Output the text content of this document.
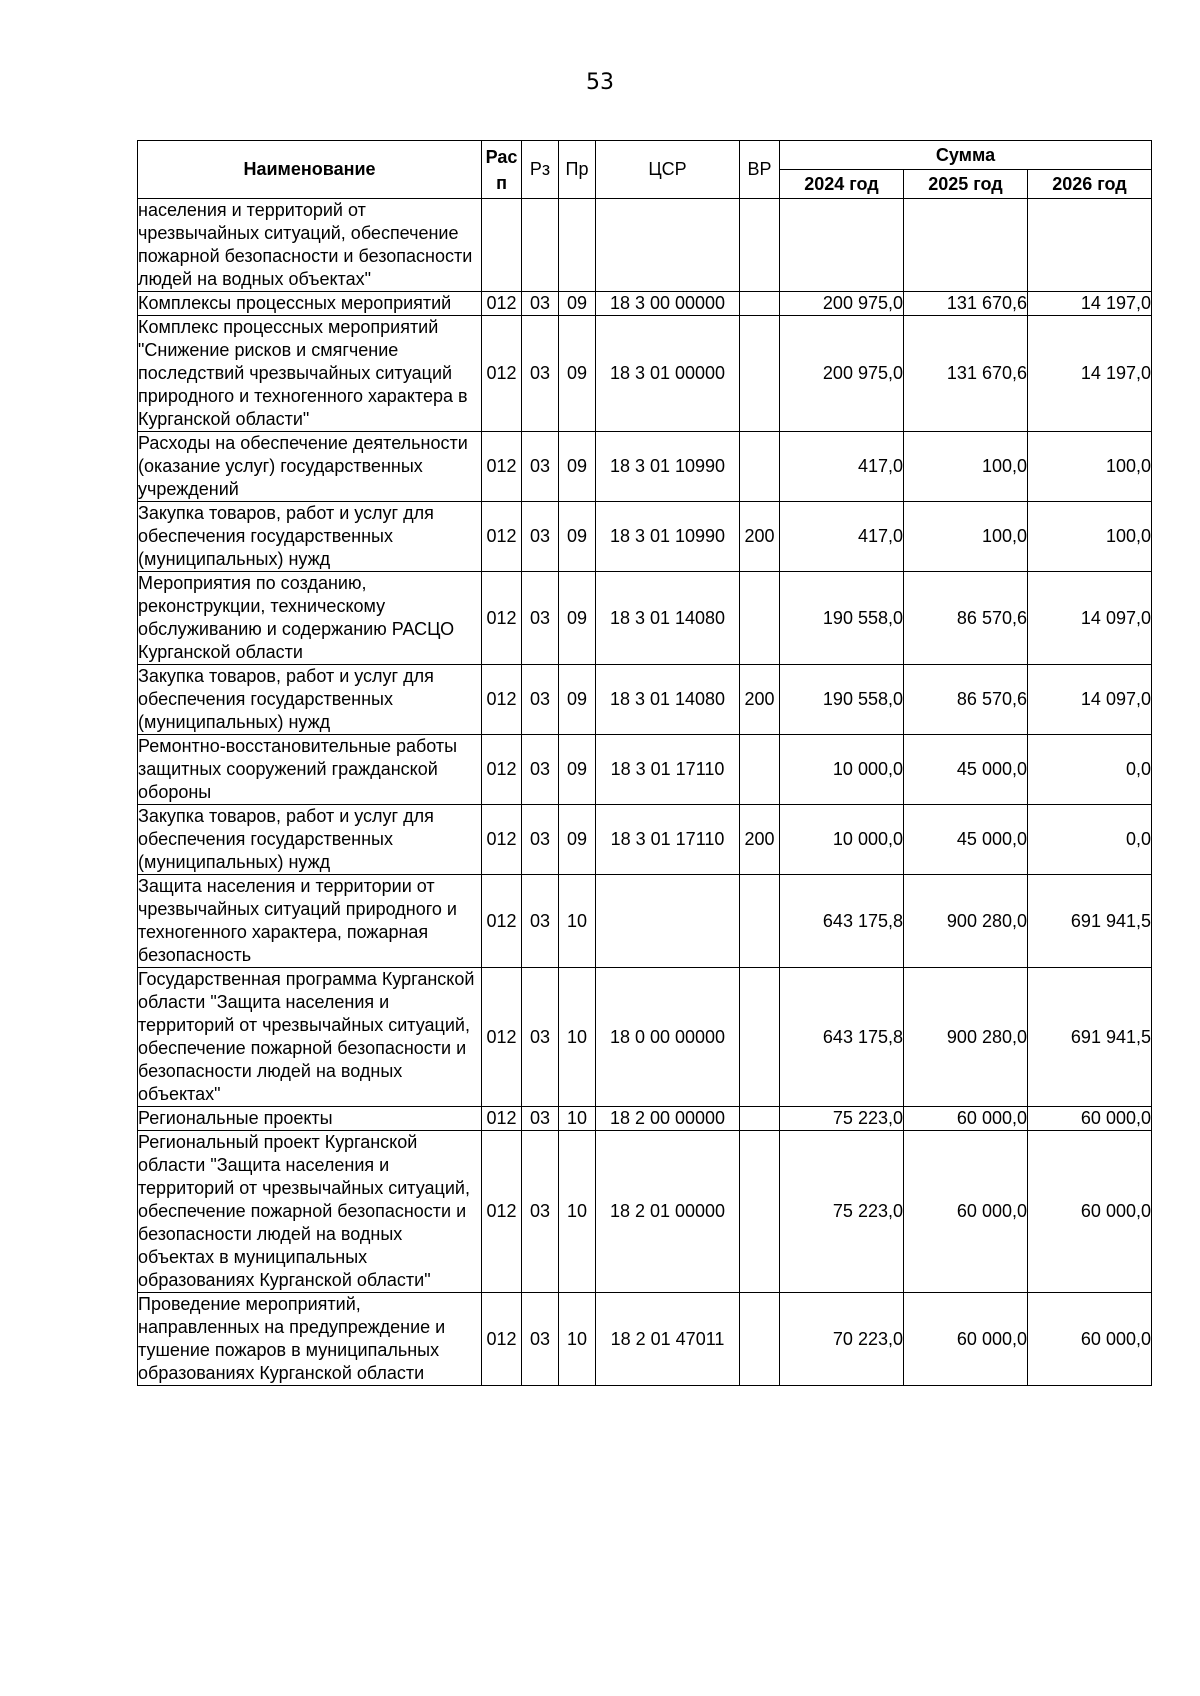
53
Наименование	Рас п	Рз	Пр	ЦСР	ВР	Сумма		
						2024 год	2025 год	2026 год
населения и территорий от чрезвычайных ситуаций, обеспечение пожарной безопасности и безопасности людей на водных объектах"								
Комплексы процессных мероприятий	012	03	09	18 3 00 00000		200 975,0	131 670,6	14 197,0
Комплекс процессных мероприятий "Снижение рисков и смягчение последствий чрезвычайных ситуаций природного и техногенного характера в Курганской области"	012	03	09	18 3 01 00000		200 975,0	131 670,6	14 197,0
Расходы на обеспечение деятельности (оказание услуг) государственных учреждений	012	03	09	18 3 01 10990		417,0	100,0	100,0
Закупка товаров, работ и услуг для обеспечения государственных (муниципальных) нужд	012	03	09	18 3 01 10990	200	417,0	100,0	100,0
Мероприятия по созданию, реконструкции, техническому обслуживанию и содержанию РАСЦО Курганской области	012	03	09	18 3 01 14080		190 558,0	86 570,6	14 097,0
Закупка товаров, работ и услуг для обеспечения государственных (муниципальных) нужд	012	03	09	18 3 01 14080	200	190 558,0	86 570,6	14 097,0
Ремонтно-восстановительные работы защитных сооружений гражданской обороны	012	03	09	18 3 01 17110		10 000,0	45 000,0	0,0
Закупка товаров, работ и услуг для обеспечения государственных (муниципальных) нужд	012	03	09	18 3 01 17110	200	10 000,0	45 000,0	0,0
Защита населения и территории от чрезвычайных ситуаций природного и техногенного характера, пожарная безопасность	012	03	10			643 175,8	900 280,0	691 941,5
Государственная программа Курганской области "Защита населения и территорий от чрезвычайных ситуаций, обеспечение пожарной безопасности и безопасности людей на водных объектах"	012	03	10	18 0 00 00000		643 175,8	900 280,0	691 941,5
Региональные проекты	012	03	10	18 2 00 00000		75 223,0	60 000,0	60 000,0
Региональный проект Курганской области "Защита населения и территорий от чрезвычайных ситуаций, обеспечение пожарной безопасности и безопасности людей на водных объектах в муниципальных образованиях Курганской области"	012	03	10	18 2 01 00000		75 223,0	60 000,0	60 000,0
Проведение мероприятий, направленных на предупреждение и тушение пожаров в муниципальных образованиях Курганской области	012	03	10	18 2 01 47011		70 223,0	60 000,0	60 000,0
